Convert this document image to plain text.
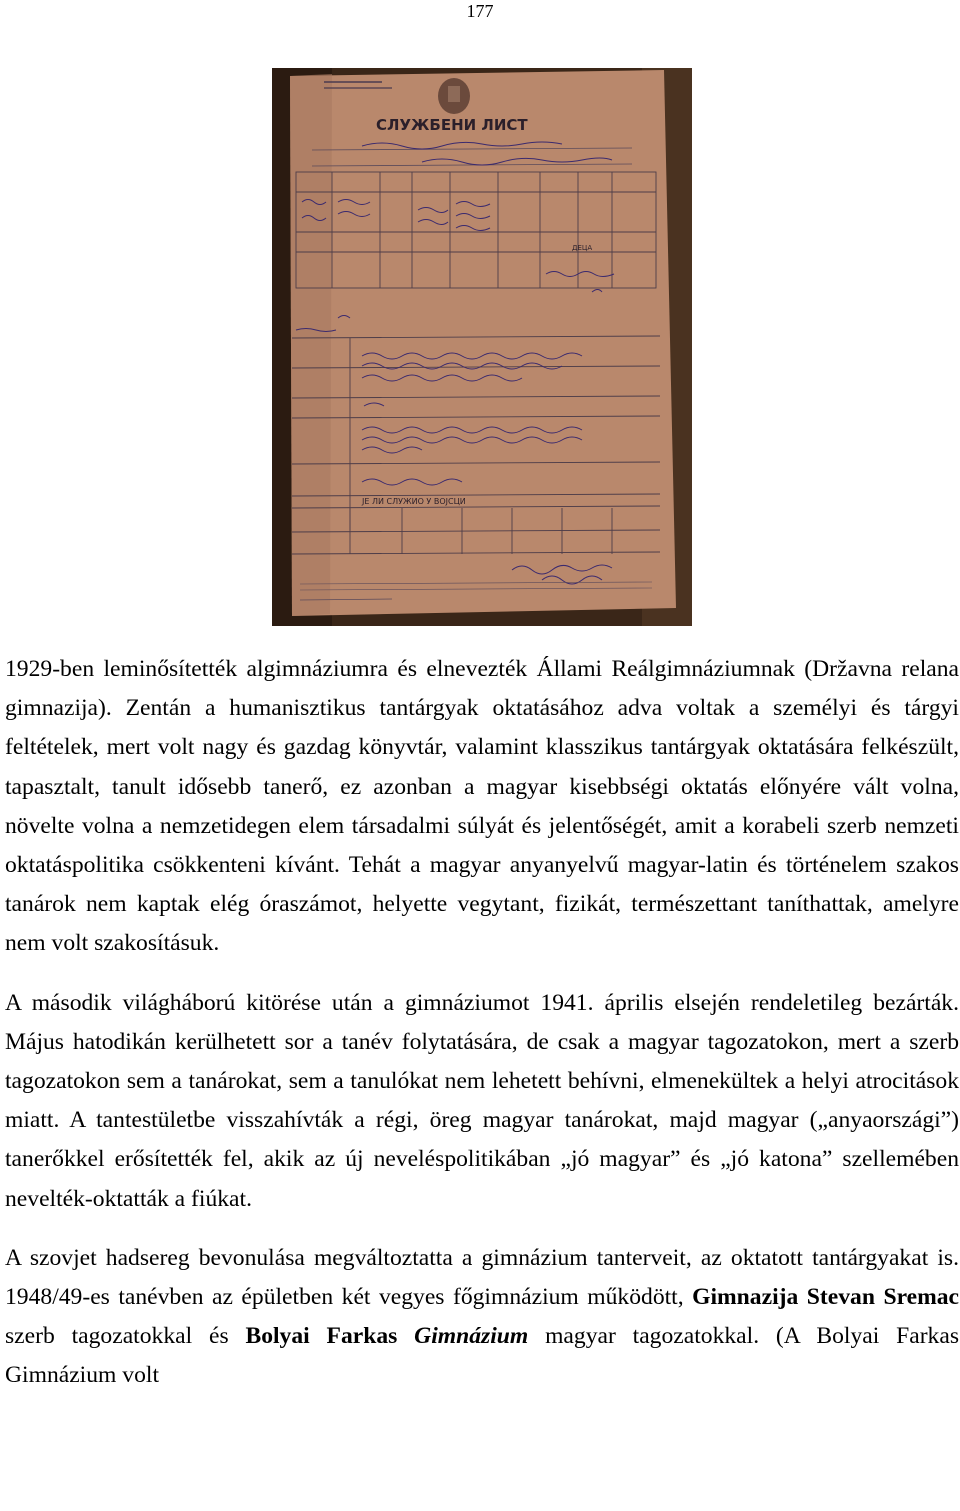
177
СЛУЖБЕНИ ЛИСТ
ДЕЦА
ЈЕ ЛИ СЛУЖИО У ВОЈСЦИ

1929-ben leminősítették algimnáziumra és elnevezték Állami Reálgimnáziumnak (Državna relana gimnazija). Zentán a humanisztikus tantárgyak oktatásához adva voltak a személyi és tárgyi feltételek, mert volt nagy és gazdag könyvtár, valamint klasszikus tantárgyak oktatására felkészült, tapasztalt, tanult idősebb tanerő, ez azonban a magyar kisebbségi oktatás előnyére vált volna, növelte volna a nemzetidegen elem társadalmi súlyát és jelentőségét, amit a korabeli szerb nemzeti oktatáspolitika csökkenteni kívánt. Tehát a magyar anyanyelvű magyar-latin és történelem szakos tanárok nem kaptak elég óraszámot, helyette vegytant, fizikát, természettant taníthattak, amelyre nem volt szakosításuk.

A második világháború kitörése után a gimnáziumot 1941. április elsején rendeletileg bezárták. Május hatodikán kerülhetett sor a tanév folytatására, de csak a magyar tagozatokon, mert a szerb tagozatokon sem a tanárokat, sem a tanulókat nem lehetett behívni, elmenekültek a helyi atrocitások miatt. A tantestületbe visszahívták a régi, öreg magyar tanárokat, majd magyar („anyaországi”) tanerőkkel erősítették fel, akik az új neveléspolitikában „jó magyar” és „jó katona” szellemében nevelték-oktatták a fiúkat.

A szovjet hadsereg bevonulása megváltoztatta a gimnázium tanterveit, az oktatott tantárgyakat is. 1948/49-es tanévben az épületben két vegyes főgimnázium működött, Gimnazija Stevan Sremac szerb tagozatokkal és Bolyai Farkas Gimnázium magyar tagozatokkal. (A Bolyai Farkas Gimnázium volt
